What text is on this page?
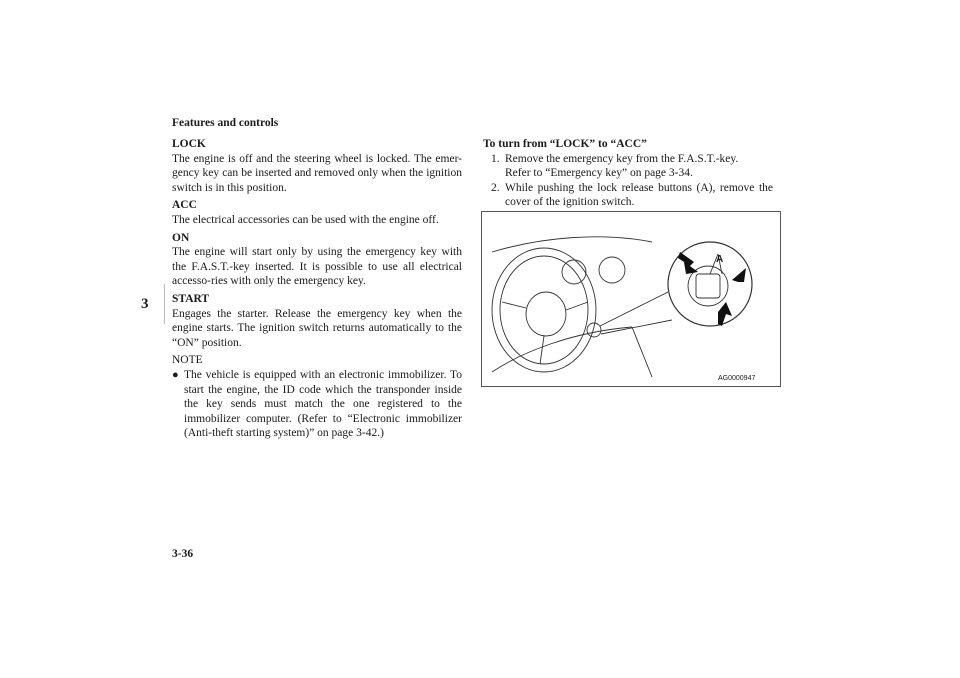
Features and controls
3
LOCK

The engine is off and the steering wheel is locked. The emer-gency key can be inserted and removed only when the ignition switch is in this position.

ACC

The electrical accessories can be used with the engine off.

ON

The engine will start only by using the emergency key with the F.A.S.T.-key inserted. It is possible to use all electrical accesso-ries with only the emergency key.

START

Engages the starter. Release the emergency key when the engine starts. The ignition switch returns automatically to the “ON” position.

NOTE
● The vehicle is equipped with an electronic immobilizer. To start the engine, the ID code which the transponder inside the key sends must match the one registered to the immobilizer computer. (Refer to “Electronic immobilizer (Anti-theft starting system)” on page 3-42.)
To turn from “LOCK” to “ACC”
1. Remove the emergency key from the F.A.S.T.-key.
Refer to “Emergency key” on page 3-34.
2. While pushing the lock release buttons (A), remove the cover of the ignition switch.
A
AG0000947
3-36
